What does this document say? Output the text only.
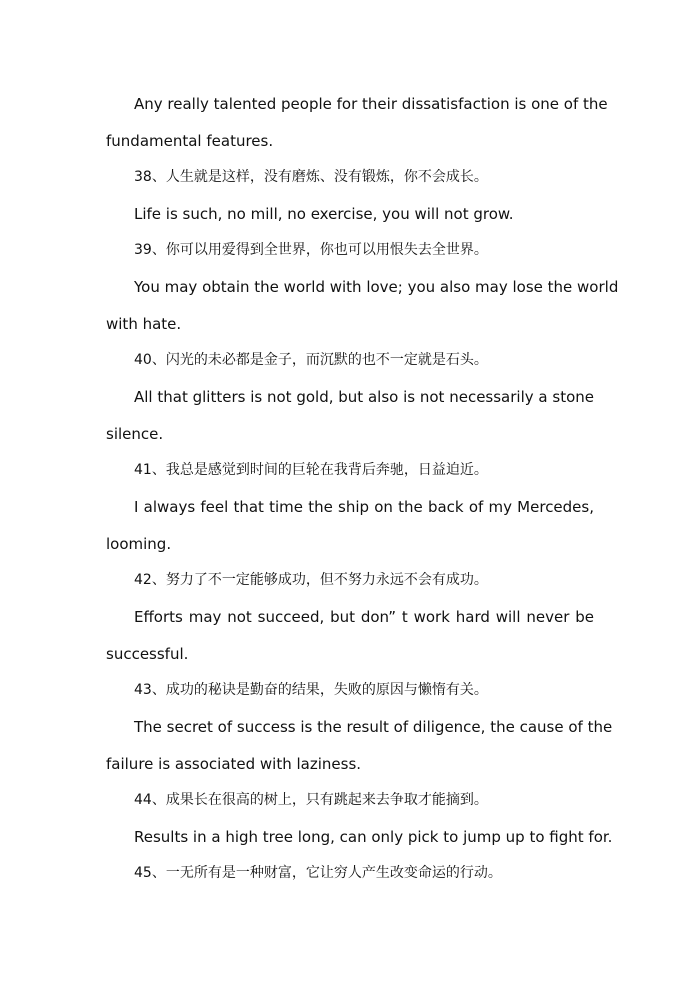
Any really talented people for their dissatisfaction is one of the
fundamental features.
38、人生就是这样，没有磨炼、没有锻炼，你不会成长。
Life is such, no mill, no exercise, you will not grow.
39、你可以用爱得到全世界，你也可以用恨失去全世界。
You may obtain the world with love; you also may lose the world
with hate.
40、闪光的未必都是金子，而沉默的也不一定就是石头。
All that glitters is not gold, but also is not necessarily a stone
silence.
41、我总是感觉到时间的巨轮在我背后奔驰，日益迫近。
I always feel that time the ship on the back of my Mercedes,
looming.
42、努力了不一定能够成功，但不努力永远不会有成功。
Efforts may not succeed, but don” t work hard will never be
successful.
43、成功的秘诀是勤奋的结果，失败的原因与懒惰有关。
The secret of success is the result of diligence, the cause of the
failure is associated with laziness.
44、成果长在很高的树上，只有跳起来去争取才能摘到。
Results in a high tree long, can only pick to jump up to fight for.
45、一无所有是一种财富，它让穷人产生改变命运的行动。
